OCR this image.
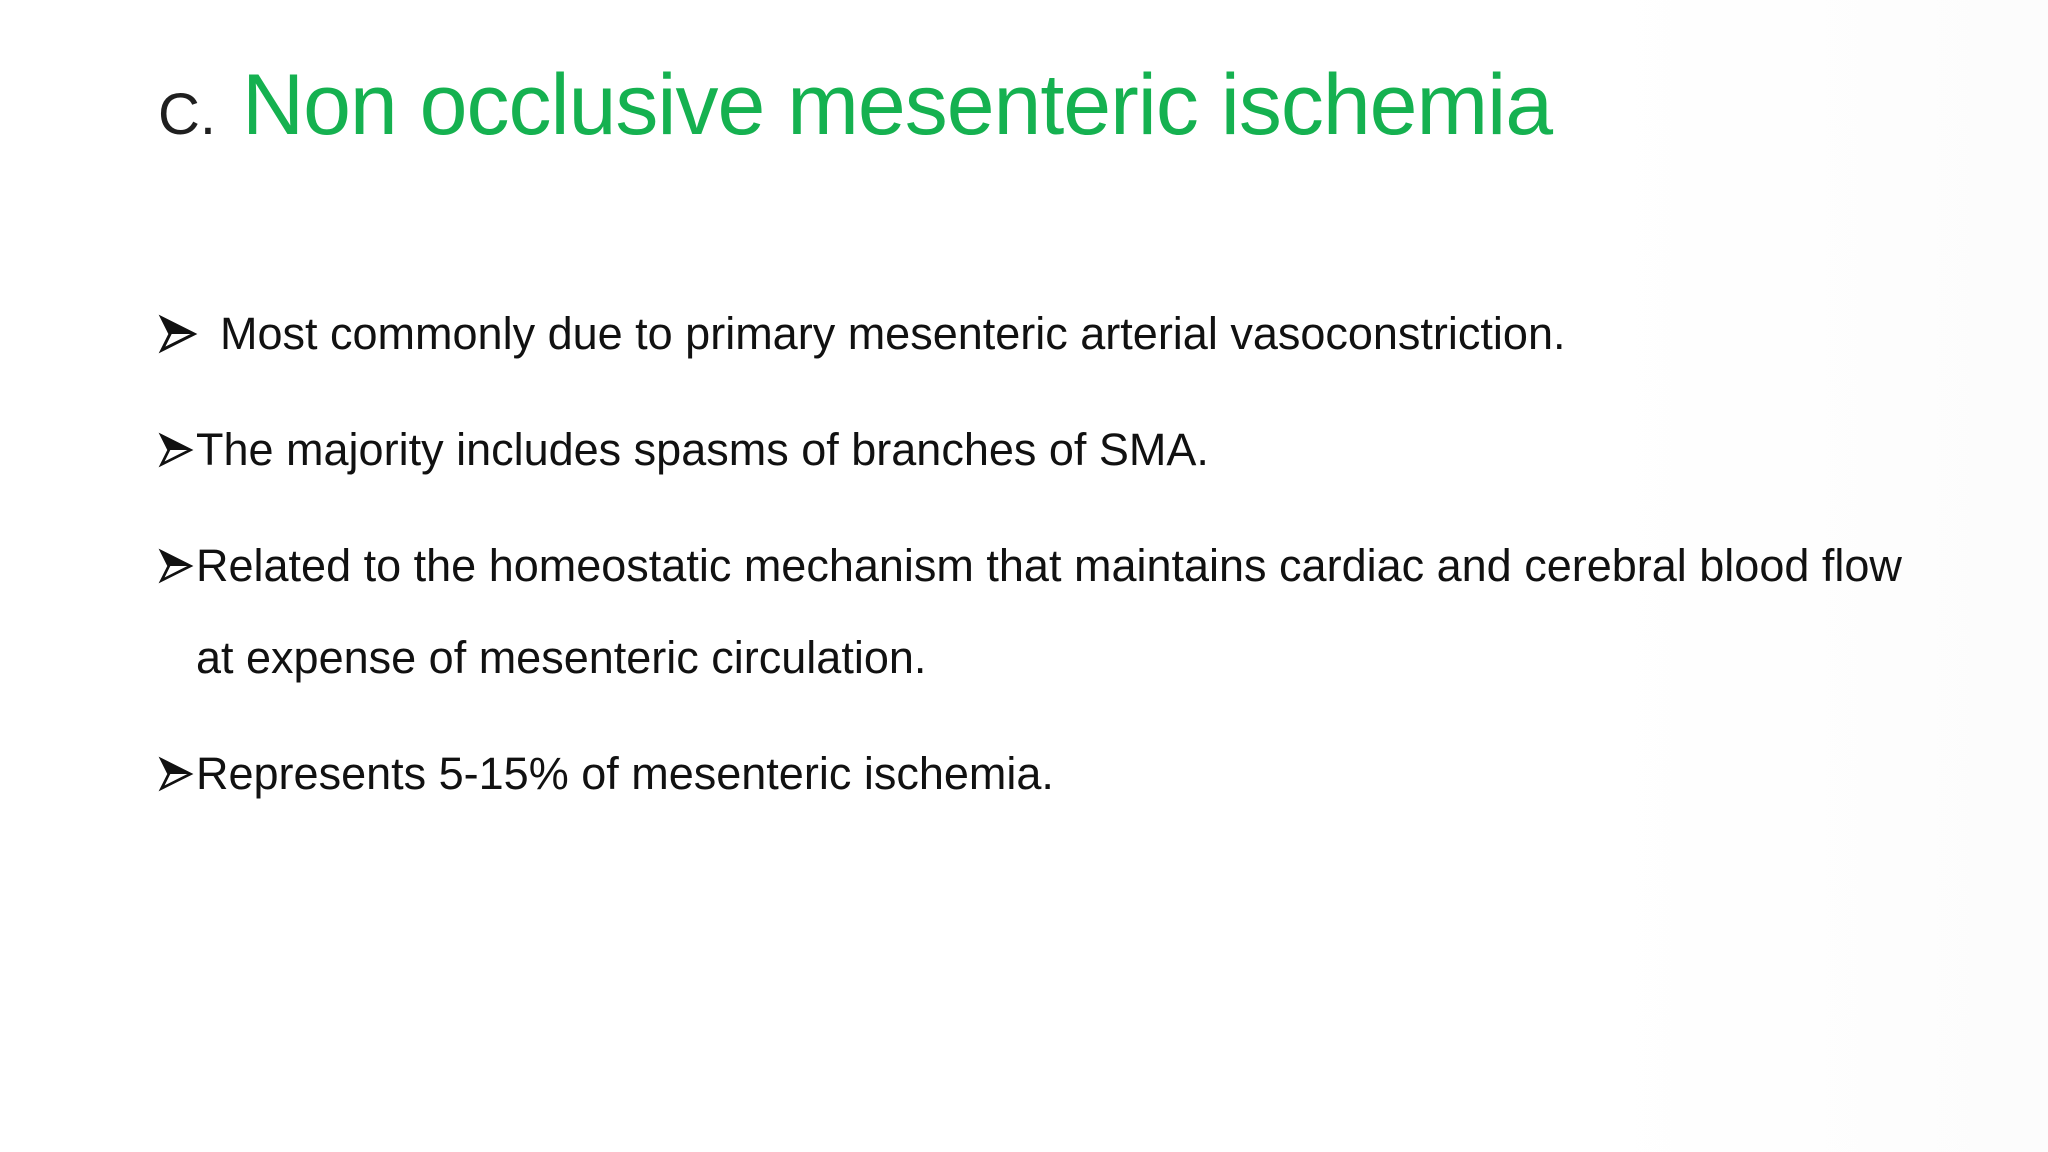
C. Non occlusive mesenteric ischemia
Most commonly due to primary mesenteric arterial vasoconstriction.
The majority includes spasms of branches of SMA.
Related to the homeostatic mechanism that maintains cardiac and cerebral blood flow at expense of mesenteric circulation.
Represents 5-15% of mesenteric ischemia.
